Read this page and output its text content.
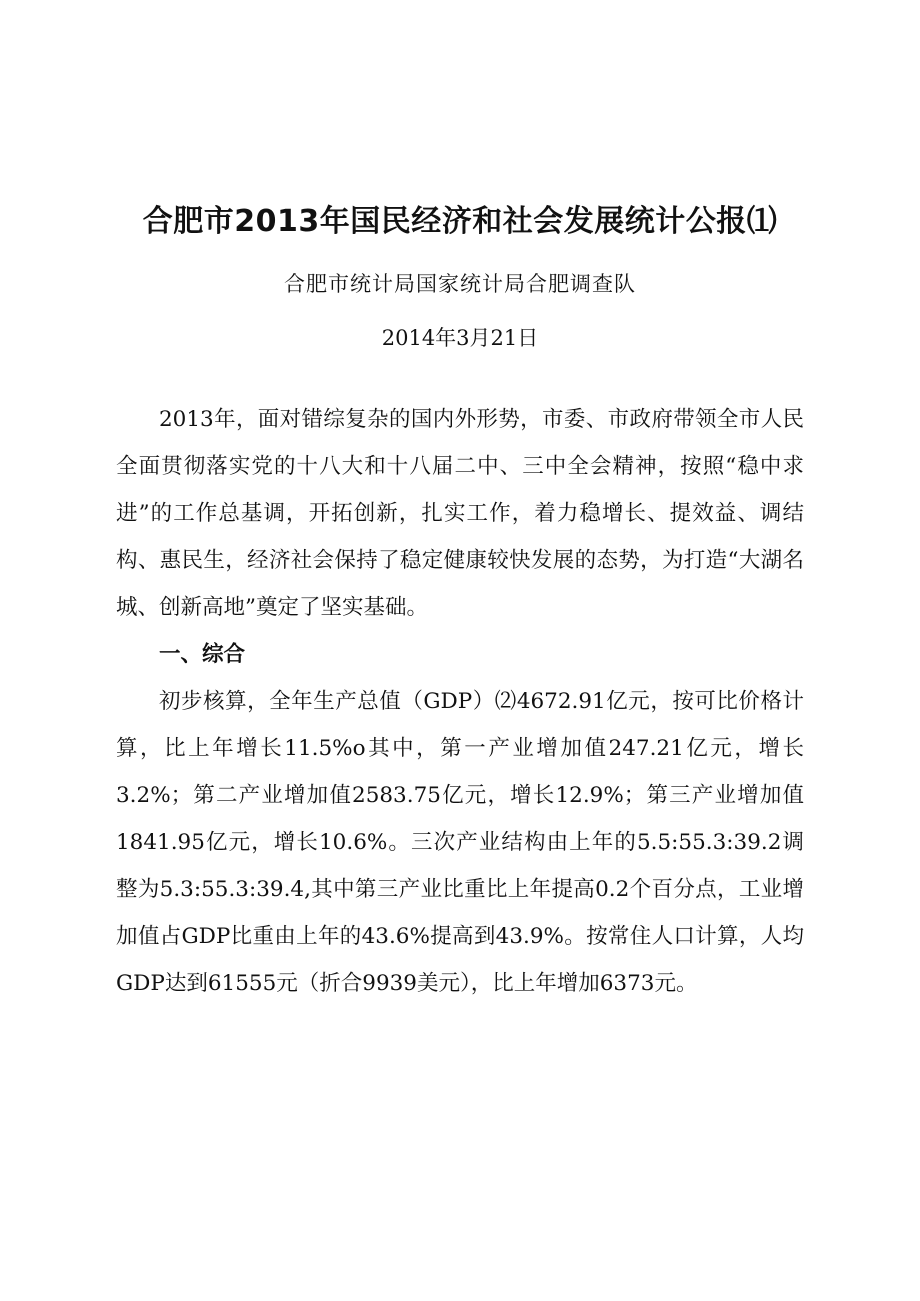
合肥市2013年国民经济和社会发展统计公报⑴
合肥市统计局国家统计局合肥调查队
2014年3月21日

2013年，面对错综复杂的国内外形势，市委、市政府带领全市人民全面贯彻落实党的十八大和十八届二中、三中全会精神，按照“稳中求进”的工作总基调，开拓创新，扎实工作，着力稳增长、提效益、调结构、惠民生，经济社会保持了稳定健康较快发展的态势，为打造“大湖名城、创新高地”奠定了坚实基础。

一、综合

初步核算，全年生产总值（GDP）⑵4672.91亿元，按可比价格计算，比上年增长11.5%o其中，第一产业增加值247.21亿元，增长3.2%；第二产业增加值2583.75亿元，增长12.9%；第三产业增加值1841.95亿元，增长10.6%。三次产业结构由上年的5.5:55.3:39.2调整为5.3:55.3:39.4,其中第三产业比重比上年提高0.2个百分点，工业增加值占GDP比重由上年的43.6%提高到43.9%。按常住人口计算，人均GDP达到61555元（折合9939美元），比上年增加6373元。
